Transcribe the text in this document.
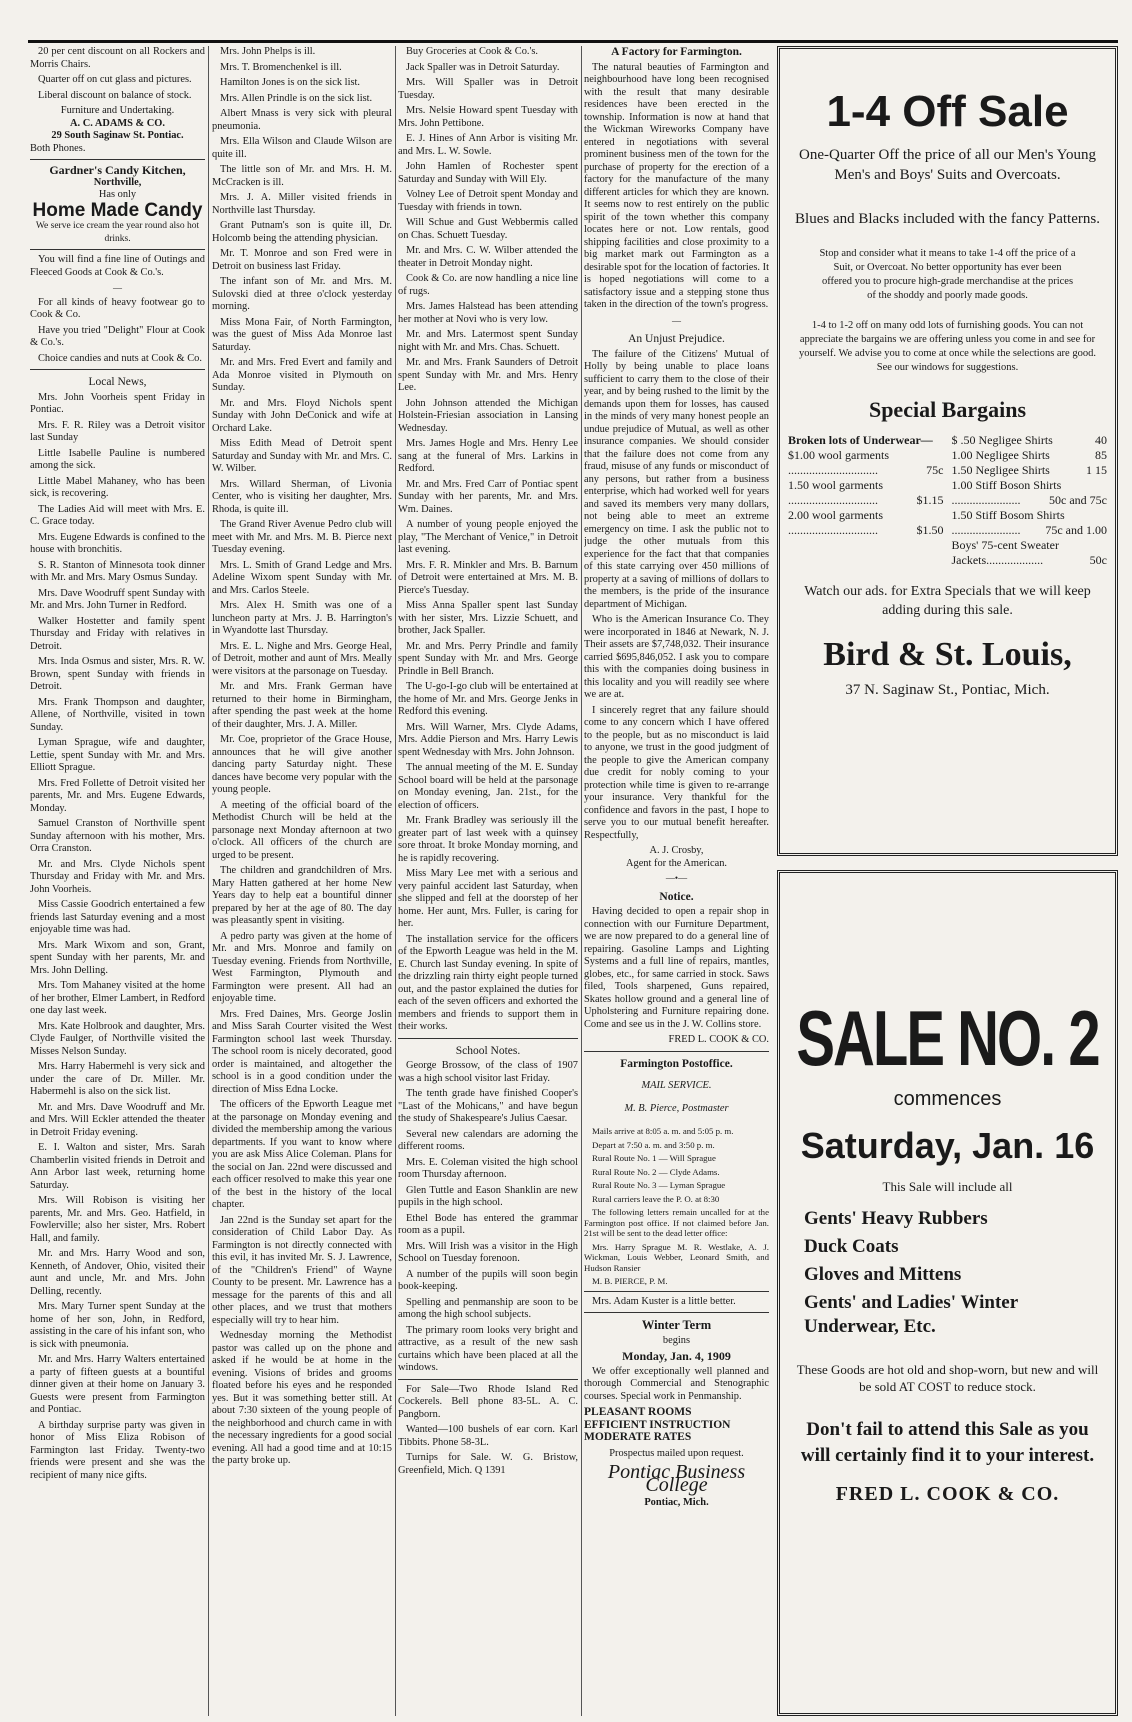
20 per cent discount on all Rockers and Morris Chairs.

Quarter off on cut glass and pictures.

Liberal discount on balance of stock.

Furniture and Undertaking.

A. C. ADAMS & CO.

29 South Saginaw St. Pontiac.

Both Phones.

Gardner's Candy Kitchen,

Northville,

Has only

Home Made Candy

We serve ice cream the year round also hot drinks.

You will find a fine line of Outings and Fleeced Goods at Cook & Co.'s.

—

For all kinds of heavy footwear go to Cook & Co.

Have you tried "Delight" Flour at Cook & Co.'s.

Choice candies and nuts at Cook & Co.

Local News,

Mrs. John Voorheis spent Friday in Pontiac.

Mrs. F. R. Riley was a Detroit visitor last Sunday

Little Isabelle Pauline is numbered among the sick.

Little Mabel Mahaney, who has been sick, is recovering.

The Ladies Aid will meet with Mrs. E. C. Grace today.

Mrs. Eugene Edwards is confined to the house with bronchitis.

S. R. Stanton of Minnesota took dinner with Mr. and Mrs. Mary Osmus Sunday.

Mrs. Dave Woodruff spent Sunday with Mr. and Mrs. John Turner in Redford.

Walker Hostetter and family spent Thursday and Friday with relatives in Detroit.

Mrs. Inda Osmus and sister, Mrs. R. W. Brown, spent Sunday with friends in Detroit.

Mrs. Frank Thompson and daughter, Allene, of Northville, visited in town Sunday.

Lyman Sprague, wife and daughter, Lettie, spent Sunday with Mr. and Mrs. Elliott Sprague.

Mrs. Fred Follette of Detroit visited her parents, Mr. and Mrs. Eugene Edwards, Monday.

Samuel Cranston of Northville spent Sunday afternoon with his mother, Mrs. Orra Cranston.

Mr. and Mrs. Clyde Nichols spent Thursday and Friday with Mr. and Mrs. John Voorheis.

Miss Cassie Goodrich entertained a few friends last Saturday evening and a most enjoyable time was had.

Mrs. Mark Wixom and son, Grant, spent Sunday with her parents, Mr. and Mrs. John Delling.

Mrs. Tom Mahaney visited at the home of her brother, Elmer Lambert, in Redford one day last week.

Mrs. Kate Holbrook and daughter, Mrs. Clyde Faulger, of Northville visited the Misses Nelson Sunday.

Mrs. Harry Habermehl is very sick and under the care of Dr. Miller. Mr. Habermehl is also on the sick list.

Mr. and Mrs. Dave Woodruff and Mr. and Mrs. Will Eckler attended the theater in Detroit Friday evening.

E. I. Walton and sister, Mrs. Sarah Chamberlin visited friends in Detroit and Ann Arbor last week, returning home Saturday.

Mrs. Will Robison is visiting her parents, Mr. and Mrs. Geo. Hatfield, in Fowlerville; also her sister, Mrs. Robert Hall, and family.

Mr. and Mrs. Harry Wood and son, Kenneth, of Andover, Ohio, visited their aunt and uncle, Mr. and Mrs. John Delling, recently.

Mrs. Mary Turner spent Sunday at the home of her son, John, in Redford, assisting in the care of his infant son, who is sick with pneumonia.

Mr. and Mrs. Harry Walters entertained a party of fifteen guests at a bountiful dinner given at their home on January 3. Guests were present from Farmington and Pontiac.

A birthday surprise party was given in honor of Miss Eliza Robison of Farmington last Friday. Twenty-two friends were present and she was the recipient of many nice gifts.

Mrs. John Phelps is ill.

Mrs. T. Bromenchenkel is ill.

Hamilton Jones is on the sick list.

Mrs. Allen Prindle is on the sick list.

Albert Mnass is very sick with pleural pneumonia.

Mrs. Ella Wilson and Claude Wilson are quite ill.

The little son of Mr. and Mrs. H. M. McCracken is ill.

Mrs. J. A. Miller visited friends in Northville last Thursday.

Grant Putnam's son is quite ill, Dr. Holcomb being the attending physician.

Mr. T. Monroe and son Fred were in Detroit on business last Friday.

The infant son of Mr. and Mrs. M. Sulovski died at three o'clock yesterday morning.

Miss Mona Fair, of North Farmington, was the guest of Miss Ada Monroe last Saturday.

Mr. and Mrs. Fred Evert and family and Ada Monroe visited in Plymouth on Sunday.

Mr. and Mrs. Floyd Nichols spent Sunday with John DeConick and wife at Orchard Lake.

Miss Edith Mead of Detroit spent Saturday and Sunday with Mr. and Mrs. C. W. Wilber.

Mrs. Willard Sherman, of Livonia Center, who is visiting her daughter, Mrs. Rhoda, is quite ill.

The Grand River Avenue Pedro club will meet with Mr. and Mrs. M. B. Pierce next Tuesday evening.

Mrs. L. Smith of Grand Ledge and Mrs. Adeline Wixom spent Sunday with Mr. and Mrs. Carlos Steele.

Mrs. Alex H. Smith was one of a luncheon party at Mrs. J. B. Harrington's in Wyandotte last Thursday.

Mrs. E. L. Nighe and Mrs. George Heal, of Detroit, mother and aunt of Mrs. Meally were visitors at the parsonage on Tuesday.

Mr. and Mrs. Frank German have returned to their home in Birmingham, after spending the past week at the home of their daughter, Mrs. J. A. Miller.

Mr. Coe, proprietor of the Grace House, announces that he will give another dancing party Saturday night. These dances have become very popular with the young people.

A meeting of the official board of the Methodist Church will be held at the parsonage next Monday afternoon at two o'clock. All officers of the church are urged to be present.

The children and grandchildren of Mrs. Mary Hatten gathered at her home New Years day to help eat a bountiful dinner prepared by her at the age of 80. The day was pleasantly spent in visiting.

A pedro party was given at the home of Mr. and Mrs. Monroe and family on Tuesday evening. Friends from Northville, West Farmington, Plymouth and Farmington were present. All had an enjoyable time.

Mrs. Fred Daines, Mrs. George Joslin and Miss Sarah Courter visited the West Farmington school last week Thursday. The school room is nicely decorated, good order is maintained, and altogether the school is in a good condition under the direction of Miss Edna Locke.

The officers of the Epworth League met at the parsonage on Monday evening and divided the membership among the various departments. If you want to know where you are ask Miss Alice Coleman. Plans for the social on Jan. 22nd were discussed and each officer resolved to make this year one of the best in the history of the local chapter.

Jan 22nd is the Sunday set apart for the consideration of Child Labor Day. As Farmington is not directly connected with this evil, it has invited Mr. S. J. Lawrence, of the "Children's Friend" of Wayne County to be present. Mr. Lawrence has a message for the parents of this and all other places, and we trust that mothers especially will try to hear him.

Wednesday morning the Methodist pastor was called up on the phone and asked if he would be at home in the evening. Visions of brides and grooms floated before his eyes and he responded yes. But it was something better still. At about 7:30 sixteen of the young people of the neighborhood and church came in with the necessary ingredients for a good social evening. All had a good time and at 10:15 the party broke up.

Buy Groceries at Cook & Co.'s.

Jack Spaller was in Detroit Saturday.

Mrs. Will Spaller was in Detroit Tuesday.

Mrs. Nelsie Howard spent Tuesday with Mrs. John Pettibone.

E. J. Hines of Ann Arbor is visiting Mr. and Mrs. L. W. Sowle.

John Hamlen of Rochester spent Saturday and Sunday with Will Ely.

Volney Lee of Detroit spent Monday and Tuesday with friends in town.

Will Schue and Gust Webbermis called on Chas. Schuett Tuesday.

Mr. and Mrs. C. W. Wilber attended the theater in Detroit Monday night.

Cook & Co. are now handling a nice line of rugs.

Mrs. James Halstead has been attending her mother at Novi who is very low.

Mr. and Mrs. Latermost spent Sunday night with Mr. and Mrs. Chas. Schuett.

Mr. and Mrs. Frank Saunders of Detroit spent Sunday with Mr. and Mrs. Henry Lee.

John Johnson attended the Michigan Holstein-Friesian association in Lansing Wednesday.

Mrs. James Hogle and Mrs. Henry Lee sang at the funeral of Mrs. Larkins in Redford.

Mr. and Mrs. Fred Carr of Pontiac spent Sunday with her parents, Mr. and Mrs. Wm. Daines.

A number of young people enjoyed the play, "The Merchant of Venice," in Detroit last evening.

Mrs. F. R. Minkler and Mrs. B. Barnum of Detroit were entertained at Mrs. M. B. Pierce's Tuesday.

Miss Anna Spaller spent last Sunday with her sister, Mrs. Lizzie Schuett, and brother, Jack Spaller.

Mr. and Mrs. Perry Prindle and family spent Sunday with Mr. and Mrs. George Prindle in Bell Branch.

The U-go-I-go club will be entertained at the home of Mr. and Mrs. George Jenks in Redford this evening.

Mrs. Will Warner, Mrs. Clyde Adams, Mrs. Addie Pierson and Mrs. Harry Lewis spent Wednesday with Mrs. John Johnson.

The annual meeting of the M. E. Sunday School board will be held at the parsonage on Monday evening, Jan. 21st., for the election of officers.

Mr. Frank Bradley was seriously ill the greater part of last week with a quinsey sore throat. It broke Monday morning, and he is rapidly recovering.

Miss Mary Lee met with a serious and very painful accident last Saturday, when she slipped and fell at the doorstep of her home. Her aunt, Mrs. Fuller, is caring for her.

The installation service for the officers of the Epworth League was held in the M. E. Church last Sunday evening. In spite of the drizzling rain thirty eight people turned out, and the pastor explained the duties for each of the seven officers and exhorted the members and friends to support them in their works.

School Notes.

George Brossow, of the class of 1907 was a high school visitor last Friday.

The tenth grade have finished Cooper's "Last of the Mohicans," and have begun the study of Shakespeare's Julius Caesar.

Several new calendars are adorning the different rooms.

Mrs. E. Coleman visited the high school room Thursday afternoon.

Glen Tuttle and Eason Shanklin are new pupils in the high school.

Ethel Bode has entered the grammar room as a pupil.

Mrs. Will Irish was a visitor in the High School on Tuesday forenoon.

A number of the pupils will soon begin book-keeping.

Spelling and penmanship are soon to be among the high school subjects.

The primary room looks very bright and attractive, as a result of the new sash curtains which have been placed at all the windows.

For Sale—Two Rhode Island Red Cockerels. Bell phone 83-5L. A. C. Pangborn.

Wanted—100 bushels of ear corn. Karl Tibbits. Phone 58-3L.

Turnips for Sale. W. G. Bristow, Greenfield, Mich. Q 1391

A Factory for Farmington.

The natural beauties of Farmington and neighbourhood have long been recognised with the result that many desirable residences have been erected in the township. Information is now at hand that the Wickman Wireworks Company have entered in negotiations with several prominent business men of the town for the purchase of property for the erection of a factory for the manufacture of the many different articles for which they are known. It seems now to rest entirely on the public spirit of the town whether this company locates here or not. Low rentals, good shipping facilities and close proximity to a big market mark out Farmington as a desirable spot for the location of factories. It is hoped negotiations will come to a satisfactory issue and a stepping stone thus taken in the direction of the town's progress.

—

An Unjust Prejudice.

The failure of the Citizens' Mutual of Holly by being unable to place loans sufficient to carry them to the close of their year, and by being rushed to the limit by the demands upon them for losses, has caused in the minds of very many honest people an undue prejudice of Mutual, as well as other insurance companies. We should consider that the failure does not come from any fraud, misuse of any funds or misconduct of any persons, but rather from a business enterprise, which had worked well for years and saved its members very many dollars, not being able to meet an extreme emergency on time. I ask the public not to judge the other mutuals from this experience for the fact that that companies of this state carrying over 450 millions of property at a saving of millions of dollars to the members, is the pride of the insurance department of Michigan.

Who is the American Insurance Co. They were incorporated in 1846 at Newark, N. J. Their assets are $7,748,032. Their insurance carried $695,846,052. I ask you to compare this with the companies doing business in this locality and you will readily see where we are at.

I sincerely regret that any failure should come to any concern which I have offered to the people, but as no misconduct is laid to anyone, we trust in the good judgment of the people to give the American company due credit for nobly coming to your protection while time is given to re-arrange your insurance. Very thankful for the confidence and favors in the past, I hope to serve you to our mutual benefit hereafter. Respectfully,

A. J. Crosby,

Agent for the American.

—•—

Notice.

Having decided to open a repair shop in connection with our Furniture Department, we are now prepared to do a general line of repairing. Gasoline Lamps and Lighting Systems and a full line of repairs, mantles, globes, etc., for same carried in stock. Saws filed, Tools sharpened, Guns repaired, Skates hollow ground and a general line of Upholstering and Furniture repairing done. Come and see us in the J. W. Collins store.

FRED L. COOK & CO.

Farmington Postoffice.

MAIL SERVICE.

M. B. Pierce, Postmaster

Mails arrive at 8:05 a. m. and 5:05 p. m.

Depart at 7:50 a. m. and 3:50 p. m.

Rural Route No. 1 — Will Sprague

Rural Route No. 2 — Clyde Adams.

Rural Route No. 3 — Lyman Sprague

Rural carriers leave the P. O. at 8:30

The following letters remain uncalled for at the Farmington post office. If not claimed before Jan. 21st will be sent to the dead letter office:

Mrs. Harry Sprague M. R. Westlake, A. J. Wickman, Louis Webber, Leonard Smith, and Hudson Ransier

M. B. PIERCE, P. M.

Mrs. Adam Kuster is a little better.

Winter Term

begins

Monday, Jan. 4, 1909

We offer exceptionally well planned and thorough Commercial and Stenographic courses. Special work in Penmanship.

PLEASANT ROOMS

EFFICIENT INSTRUCTION

MODERATE RATES

Prospectus mailed upon request.

Pontiac Business College

Pontiac, Mich.

1-4 Off Sale

One-Quarter Off the price of all our Men's Young Men's and Boys' Suits and Overcoats.

Blues and Blacks included with the fancy Patterns.

Stop and consider what it means to take 1-4 off the price of a Suit, or Overcoat. No better opportunity has ever been offered you to procure high-grade merchandise at the prices of the shoddy and poorly made goods.

1-4 to 1-2 off on many odd lots of furnishing goods. You can not appreciate the bargains we are offering unless you come in and see for yourself. We advise you to come at once while the selections are good. See our windows for suggestions.

Special Bargains

Broken lots of Underwear—
$1.00 wool garments
..............................	75c
1.50 wool garments
..............................	$1.15
2.00 wool garments
..............................	$1.50
$ .50 Negligee Shirts	40
1.00 Negligee Shirts	85
1.50 Negligee Shirts	1 15
1.00 Stiff Boson Shirts
....................... 50c and 75c
1.50 Stiff Bosom Shirts
....................... 75c and 1.00
Boys' 75-cent Sweater
Jackets...................	50c

Watch our ads. for Extra Specials that we will keep adding during this sale.

Bird & St. Louis,

37 N. Saginaw St., Pontiac, Mich.

SALE NO. 2

commences

Saturday, Jan. 16

This Sale will include all

Gents' Heavy Rubbers

Duck Coats

Gloves and Mittens

Gents' and Ladies' Winter Underwear, Etc.

These Goods are hot old and shop-worn, but new and will be sold AT COST to reduce stock.

Don't fail to attend this Sale as you will certainly find it to your interest.

FRED L. COOK & CO.
